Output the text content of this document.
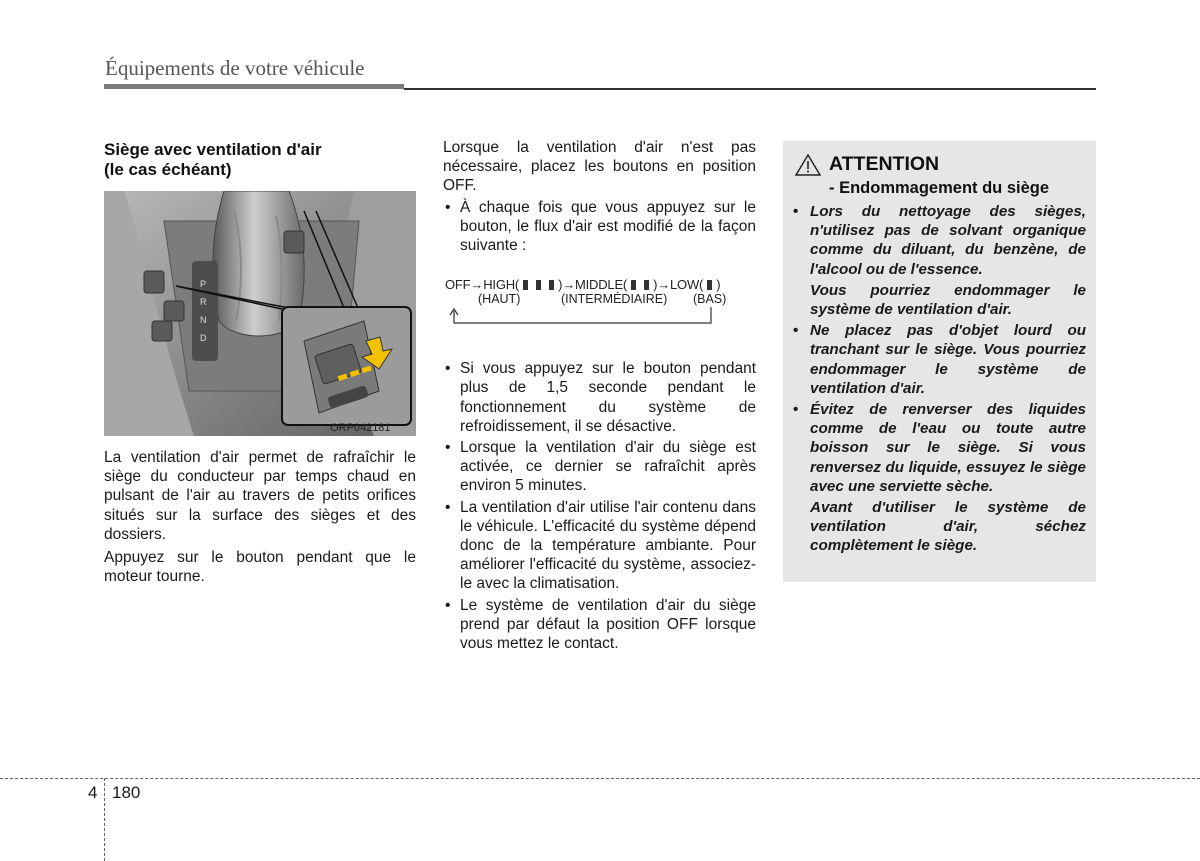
Équipements de votre véhicule
Siège avec ventilation d'air
(le cas échéant)
P
R
N
D
ORP042181

La ventilation d'air permet de rafraîchir le siège du conducteur par temps chaud en pulsant de l'air au travers de petits orifices situés sur la surface des sièges et des dossiers.

Appuyez sur le bouton pendant que le moteur tourne.

Lorsque la ventilation d'air n'est pas nécessaire, placez les boutons en position OFF.

• À chaque fois que vous appuyez sur le bouton, le flux d'air est modifié de la façon suivante :
OFF→HIGH(	)→MIDDLE( )→LOW( )
(HAUT)	(INTERMÉDIAIRE) (BAS)
• Si vous appuyez sur le bouton pendant plus de 1,5 seconde pendant le fonctionnement du système de refroidissement, il se désactive.
• Lorsque la ventilation d'air du siège est activée, ce dernier se rafraîchit après environ 5 minutes.
• La ventilation d'air utilise l'air contenu dans le véhicule. L'efficacité du système dépend donc de la température ambiante. Pour améliorer l'efficacité du système, associez-le avec la climatisation.
• Le système de ventilation d'air du siège prend par défaut la position OFF lorsque vous mettez le contact.
ATTENTION
- Endommagement du siège
• Lors du nettoyage des sièges, n'utilisez pas de solvant organique comme du diluant, du benzène, de l'alcool ou de l'essence.

Vous pourriez endommager le système de ventilation d'air.

• Ne placez pas d'objet lourd ou tranchant sur le siège. Vous pourriez endommager le système de ventilation d'air.

• Évitez de renverser des liquides comme de l'eau ou toute autre boisson sur le siège. Si vous renversez du liquide, essuyez le siège avec une serviette sèche.

Avant d'utiliser le système de ventilation d'air, séchez complètement le siège.

4 180
